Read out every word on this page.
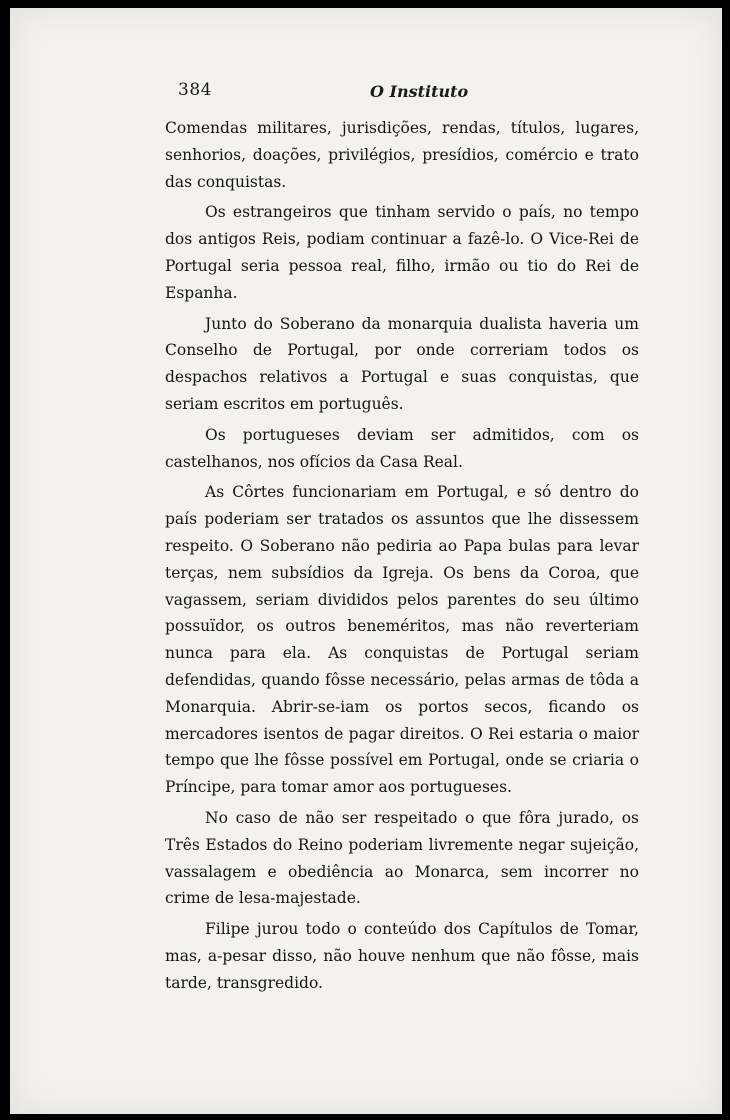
384	O Instituto

Comendas militares, jurisdições, rendas, títulos, lugares, senhorios, doações, privilégios, presídios, comércio e trato das conquistas.

Os estrangeiros que tinham servido o país, no tempo dos antigos Reis, podiam continuar a fazê-lo. O Vice-Rei de Portugal seria pessoa real, filho, irmão ou tio do Rei de Espanha.

Junto do Soberano da monarquia dualista haveria um Conselho de Portugal, por onde correriam todos os despachos relativos a Portugal e suas conquistas, que seriam escritos em português.

Os portugueses deviam ser admitidos, com os castelhanos, nos ofícios da Casa Real.

As Côrtes funcionariam em Portugal, e só dentro do país poderiam ser tratados os assuntos que lhe dissessem respeito. O Soberano não pediria ao Papa bulas para levar terças, nem subsídios da Igreja. Os bens da Coroa, que vagassem, seriam divididos pelos parentes do seu último possuïdor, os outros beneméritos, mas não reverteriam nunca para ela. As conquistas de Portugal seriam defendidas, quando fôsse necessário, pelas armas de tôda a Monarquia. Abrir-se-iam os portos secos, ficando os mercadores isentos de pagar direitos. O Rei estaria o maior tempo que lhe fôsse possível em Portugal, onde se criaria o Príncipe, para tomar amor aos portugueses.

No caso de não ser respeitado o que fôra jurado, os Três Estados do Reino poderiam livremente negar sujeição, vassalagem e obediência ao Monarca, sem incorrer no crime de lesa-majestade.

Filipe jurou todo o conteúdo dos Capítulos de Tomar, mas, a-pesar disso, não houve nenhum que não fôsse, mais tarde, transgredido.
